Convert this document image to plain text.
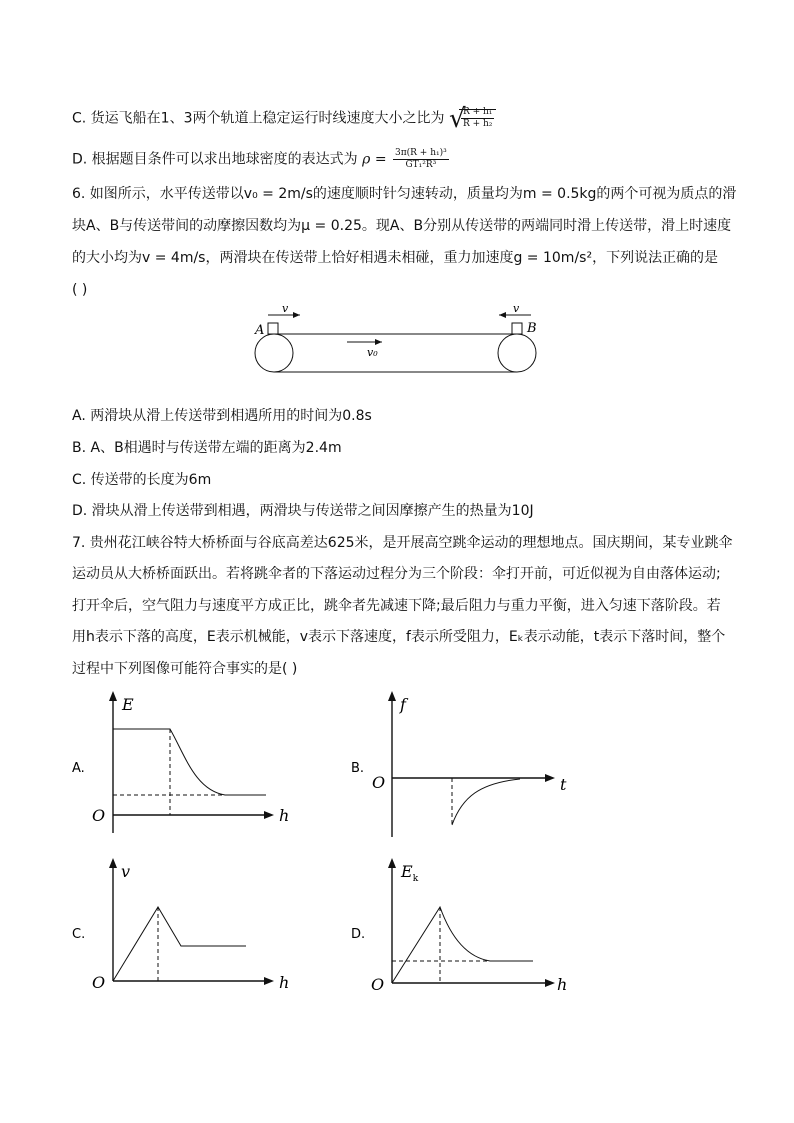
C. 货运飞船在1、3两个轨道上稳定运行时线速度大小之比为 √
$\frac{\text{R + h₁}}{\text{R + h₂}}$
D. 根据题目条件可以求出地球密度的表达式为 $\rho = \frac{\text{3π(R + h₁)³}}{\text{GT₁²R³}}$
6. 如图所示，水平传送带以v₀ = 2m/s的速度顺时针匀速转动，质量均为m = 0.5kg的两个可视为质点的滑
块A、B与传送带间的动摩擦因数均为μ = 0.25。现A、B分别从传送带的两端同时滑上传送带，滑上时速度
的大小均为v = 4m/s，两滑块在传送带上恰好相遇未相碰，重力加速度g = 10m/s²，下列说法正确的是
( )
A	B
v	v
v₀
A. 两滑块从滑上传送带到相遇所用的时间为0.8s
B. A、B相遇时与传送带左端的距离为2.4m
C. 传送带的长度为6m
D. 滑块从滑上传送带到相遇，两滑块与传送带之间因摩擦产生的热量为10J
7. 贵州花江峡谷特大桥桥面与谷底高差达625米，是开展高空跳伞运动的理想地点。国庆期间，某专业跳伞
运动员从大桥桥面跃出。若将跳伞者的下落运动过程分为三个阶段：伞打开前，可近似视为自由落体运动;
打开伞后，空气阻力与速度平方成正比，跳伞者先减速下降;最后阻力与重力平衡，进入匀速下落阶段。若
用h表示下落的高度，E表示机械能，v表示下落速度，f表示所受阻力，Eₖ表示动能，t表示下落时间，整个
过程中下列图像可能符合事实的是( )
A.
E
h
O
B.
f
t
O
C.
v
h
O
D.
$E_k$
h
O
